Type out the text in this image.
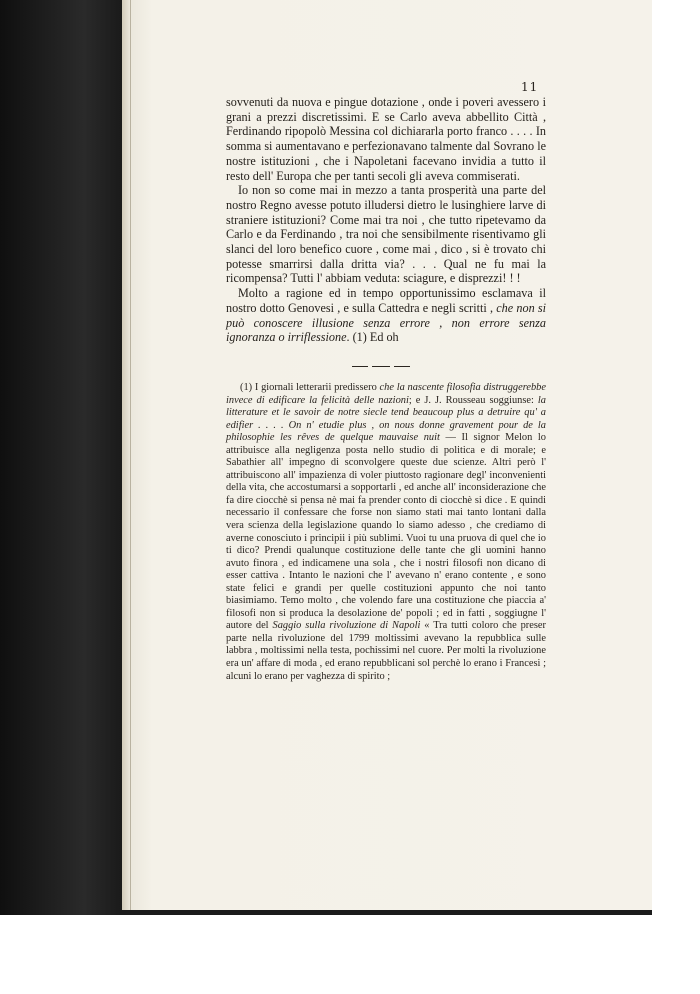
11

sovvenuti da nuova e pingue dotazione , onde i poveri avessero i grani a prezzi discretissimi. E se Carlo aveva abbellito Città , Ferdinando ripopolò Messina col dichiararla porto franco . . . . In somma si aumentavano e perfezionavano talmente dal Sovrano le nostre istituzioni , che i Napoletani facevano invidia a tutto il resto dell' Europa che per tanti secoli gli aveva commiserati.

Io non so come mai in mezzo a tanta prosperità una parte del nostro Regno avesse potuto illudersi dietro le lusinghiere larve di straniere istituzioni? Come mai tra noi , che tutto ripetevamo da Carlo e da Ferdinando , tra noi che sensibilmente risentivamo gli slanci del loro benefico cuore , come mai , dico , si è trovato chi potesse smarrirsi dalla dritta via? . . . Qual ne fu mai la ricompensa? Tutti l' abbiam veduta: sciagure, e disprezzi! ! !

Molto a ragione ed in tempo opportunissimo esclamava il nostro dotto Genovesi , e sulla Cattedra e negli scritti , che non si può conoscere illusione senza errore , non errore senza ignoranza o irriflessione. (1) Ed oh

(1) I giornali letterarii predissero che la nascente filosofia distruggerebbe invece di edificare la felicità delle nazioni; e J. J. Rousseau soggiunse: la litterature et le savoir de notre siecle tend beaucoup plus a detruire qu' a edifier . . . . On n' etudie plus , on nous donne gravement pour de la philosophie les rêves de quelque mauvaise nuit — Il signor Melon lo attribuisce alla negligenza posta nello studio di politica e di morale; e Sabathier all' impegno di sconvolgere queste due scienze. Altri però l' attribuiscono all' impazienza di voler piuttosto ragionare degl' inconvenienti della vita, che accostumarsi a sopportarli , ed anche all' inconsiderazione che fa dire ciocchè si pensa nè mai fa prender conto di ciocchè si dice . E quindi necessario il confessare che forse non siamo stati mai tanto lontani dalla vera scienza della legislazione quando lo siamo adesso , che crediamo di averne conosciuto i principii i più sublimi. Vuoi tu una pruova di quel che io ti dico? Prendi qualunque costituzione delle tante che gli uomini hanno avuto finora , ed indicamene una sola , che i nostri filosofi non dicano di esser cattiva . Intanto le nazioni che l' avevano n' erano contente , e sono state felici e grandi per quelle costituzioni appunto che noi tanto biasimiamo. Temo molto , che volendo fare una costituzione che piaccia a' filosofi non si produca la desolazione de' popoli ; ed in fatti , soggiugne l' autore del Saggio sulla rivoluzione di Napoli « Tra tutti coloro che preser parte nella rivoluzione del 1799 moltissimi avevano la repubblica sulle labbra , moltissimi nella testa, pochissimi nel cuore. Per molti la rivoluzione era un' affare di moda , ed erano repubblicani sol perchè lo erano i Francesi ; alcuni lo erano per vaghezza di spirito ;
